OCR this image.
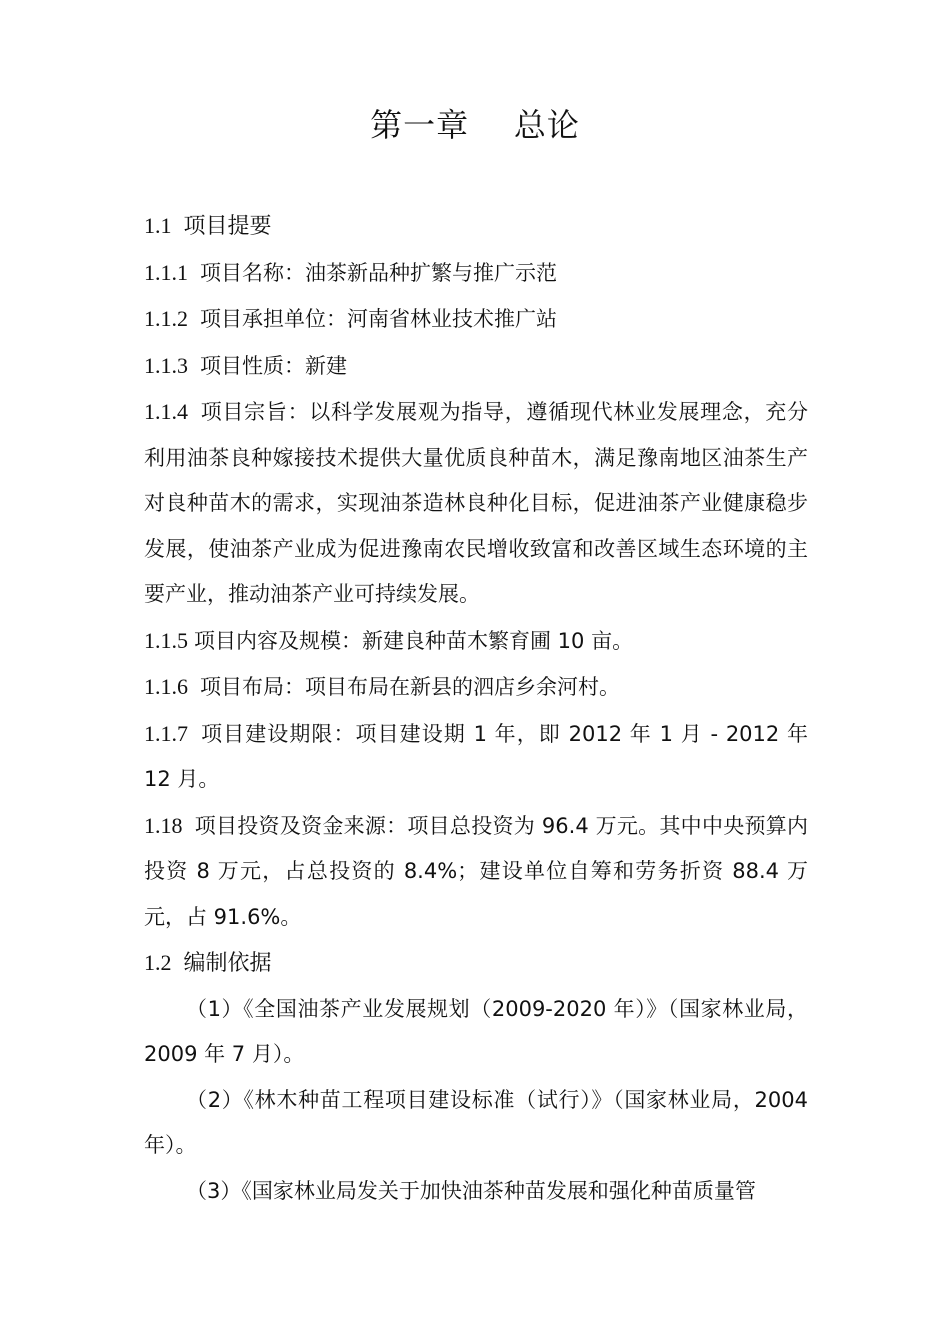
第一章    总论
1.1 项目提要

1.1.1 项目名称：油茶新品种扩繁与推广示范

1.1.2 项目承担单位：河南省林业技术推广站

1.1.3 项目性质：新建

1.1.4 项目宗旨：以科学发展观为指导，遵循现代林业发展理念，充分利用油茶良种嫁接技术提供大量优质良种苗木，满足豫南地区油茶生产对良种苗木的需求，实现油茶造林良种化目标，促进油茶产业健康稳步发展，使油茶产业成为促进豫南农民增收致富和改善区域生态环境的主要产业，推动油茶产业可持续发展。

1.1.5 项目内容及规模：新建良种苗木繁育圃 10 亩。

1.1.6 项目布局：项目布局在新县的泗店乡余河村。

1.1.7 项目建设期限：项目建设期 1 年，即 2012 年 1 月 - 2012 年 12 月。

1.18 项目投资及资金来源：项目总投资为 96.4 万元。其中中央预算内投资 8 万元，占总投资的 8.4%；建设单位自筹和劳务折资 88.4 万元，占 91.6%。

1.2 编制依据

（1）《全国油茶产业发展规划（2009-2020 年）》（国家林业局，2009 年 7 月）。

（2）《林木种苗工程项目建设标准（试行）》（国家林业局，2004 年）。

（3）《国家林业局发关于加快油茶种苗发展和强化种苗质量管
